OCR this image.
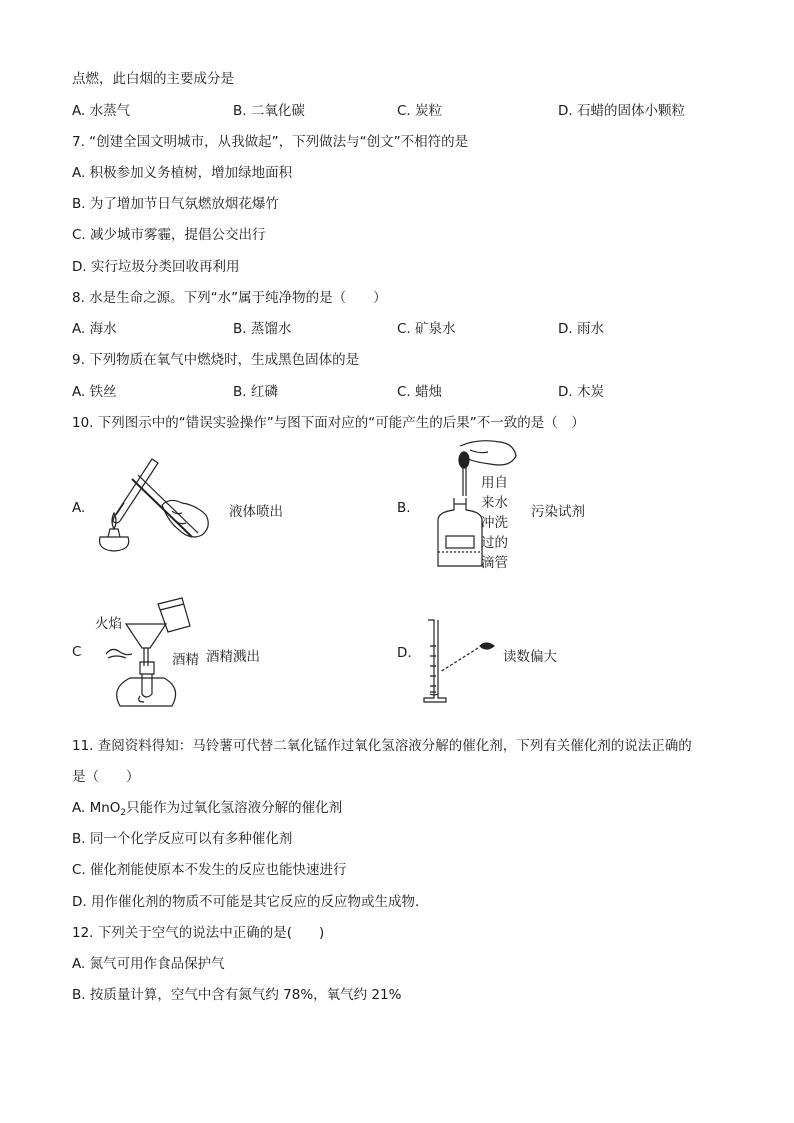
点燃，此白烟的主要成分是
A. 水蒸气	B. 二氧化碳	C. 炭粒	D. 石蜡的固体小颗粒
7. “创建全国文明城市，从我做起”，下列做法与“创文”不相符的是
A. 积极参加义务植树，增加绿地面积
B. 为了增加节日气氛燃放烟花爆竹
C. 减少城市雾霾，提倡公交出行
D. 实行垃圾分类回收再利用
8. 水是生命之源。下列“水”属于纯净物的是（　　）
A. 海水	B. 蒸馏水	C. 矿泉水	D. 雨水
9. 下列物质在氧气中燃烧时，生成黑色固体的是
A. 铁丝	B. 红磷	C. 蜡烛	D. 木炭
10. 下列图示中的“错误实验操作”与图下面对应的“可能产生的后果”不一致的是（　）
A.	液体喷出	B.
用自
来水
冲洗
过的
滴管
污染试剂
C
火焰
酒精 酒精溅出	D.	读数偏大
11. 查阅资料得知：马铃薯可代替二氧化锰作过氧化氢溶液分解的催化剂，下列有关催化剂的说法正确的
是（　　）
A. MnO$_2$只能作为过氧化氢溶液分解的催化剂
B. 同一个化学反应可以有多种催化剂
C. 催化剂能使原本不发生的反应也能快速进行
D. 用作催化剂的物质不可能是其它反应的反应物或生成物．
12. 下列关于空气的说法中正确的是(　　)
A. 氮气可用作食品保护气
B. 按质量计算，空气中含有氮气约 78%，氧气约 21%
